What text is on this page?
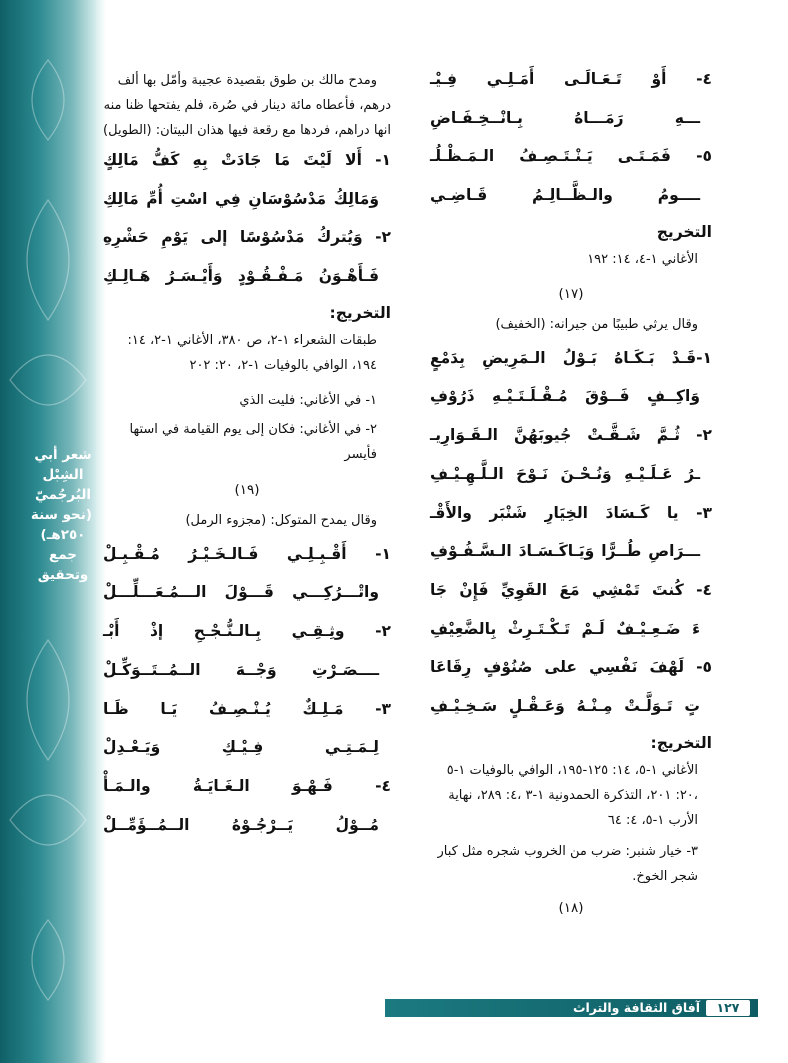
شعر أبي
الشِبْل
البُرجُميّ
(نحو سنة
٢٥٠هـ)
جمع
وتحقيق
٤- أَوْ تَـعَـالَـى أَمَـلِـي فِـيْـ
ـــهِ رَمَـــاهُ بِـانْــخِـفَـاضِ
٥- فَمَـتَـى يَـنْـتَـصِـفُ الـمَـظْـلُـ
ــــومُ والـظَّــالِـمُ قَـاضِـي
التخريج
الأغاني ١-٤، ١٤: ١٩٢
(١٧)
وقال يرثي طبيبًا من جيرانه: (الخفيف)
١-قَـدْ بَـكَـاهُ بَـوْلُ الـمَرِيضِ بِدَمْعٍ
وَاكِــفٍ فَــوْقَ مُـقْـلَـتَـيْـهِ ذَرُوْفِ
٢- ثُـمَّ شَـقَّـتْ جُيوبَهُنَّ الـقَـوَارِيـ
ـرُ عَـلَـيْـهِ وَنُـحْـنَ نَـوْحَ الـلَّـهِـيْـفِ
٣- يا كَـسَادَ الخِيَارِ شَنْبَر والأَقْـ
ـــرَاصِ طُــرًّا وَيَـاكَـسَـادَ الـسَّـفُـوْفِ
٤- كُنتَ تَمْشِي مَعَ القَوِيِّ فَإِنْ جَا
ءَ ضَـعِـيْـفٌ لَـمْ تَـكْـتَـرِثْ بِالضَّعِيْفِ
٥- لَهْفَ نَفْسِي على صُنُوْفٍ رِقَاعَا
تٍ تَـوَلَّـتْ مِـنْـهُ وَعَـقْـلٍ سَـخِـيْـفِ
التخريج:
الأغاني ١-٥، ١٤: ١٢٥-١٩٥، الوافي بالوفيات ١-٥ ،٢٠: ٢٠١، التذكرة الحمدونية ١-٣ ،٤: ٢٨٩، نهاية الأرب ١-٥، ٤: ٦٤
٣- خيار شنبر: ضرب من الخروب شجره مثل كبار شجر الخوخ.
(١٨)
ومدح مالك بن طوق بقصيدة عجيبة وأمّل بها ألف درهم، فأعطاه مائة دينار في صُرة، فلم يفتحها ظنا منه انها دراهم، فردها مع رقعة فيها هذان البيتان: (الطويل)
١- أَلا لَيْتَ مَا جَادَتْ بِهِ كَفُّ مَالِكٍ
وَمَالِكُ مَدْسُوْسَانِ فِي اسْتِ أُمِّ مَالِكِ
٢- وَيُتركُ مَدْسُوْسًا إلى يَوْمِ حَشْرِهِ
فَـأَهْـوَنُ مَـفْـقُـوْدٍ وَأَيْـسَـرُ هَـالِـكِ
التخريج:
طبقات الشعراء ١-٢، ص ٣٨٠، الأغاني ١-٢، ١٤: ١٩٤، الوافي بالوفيات ١-٢، ٢٠: ٢٠٢
١- في الأغاني: فليت الذي
٢- في الأغاني: فكان إلى يوم القيامة في استها فأيسر
(١٩)
وقال يمدح المتوكل: (مجزوء الرمل)
١- أَقْـبِـلِـي فَـالـخَـيْـرُ مُـقْـبِـلْ
واتْـــرُكِـــي قَـــوْلَ الـــمُـعَـــلِّـــلْ
٢- وثِـقِـي بِـالـنُّـجْـحِ إذْ أَبْـ
ــــصَـرْتِ وَجْــهَ الــمُــتَــوَكِّـلْ
٣- مَـلِـكٌ يُـنْـصِـفُ يَـا ظَـا
لِـمَـتِـي فِـيْـكِ وَيَـعْـدِلْ
٤- فَـهْـوَ الـغَـايَـةُ والـمَـأْ
مُــوْلُ يَــرْجُـوْهُ الــمُــؤَمِّــلْ
آفاق الثقافة والتراث	١٢٧
